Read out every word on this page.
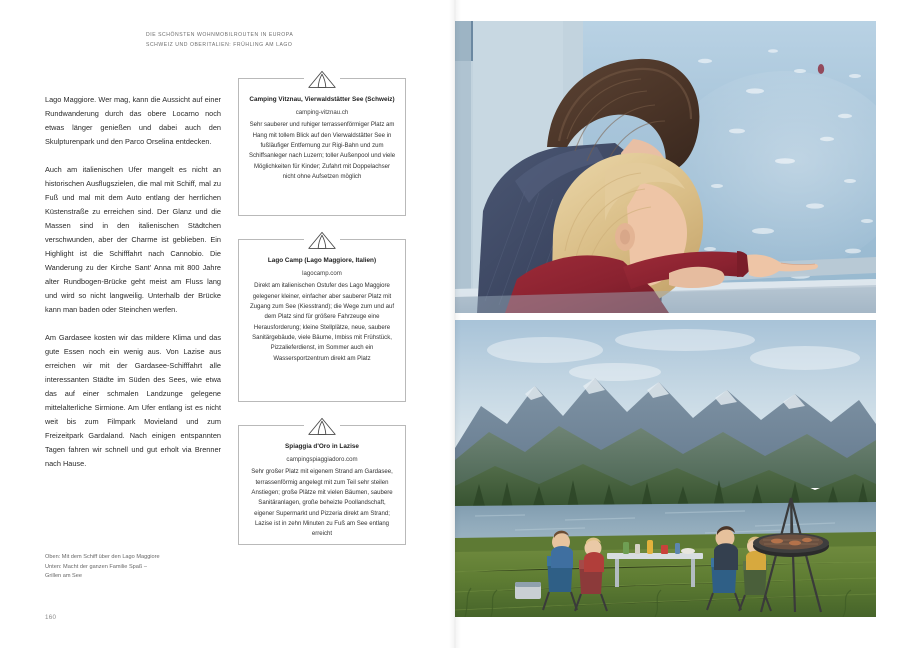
DIE SCHÖNSTEN WOHNMOBILROUTEN IN EUROPA
SCHWEIZ UND OBERITALIEN: FRÜHLING AM LAGO

Lago Maggiore. Wer mag, kann die Aussicht auf einer Rundwanderung durch das obere Locarno noch etwas länger genießen und dabei auch den Skulpturenpark und den Parco Orselina entdecken.

Auch am italienischen Ufer mangelt es nicht an historischen Ausflugszielen, die mal mit Schiff, mal zu Fuß und mal mit dem Auto entlang der herrlichen Küstenstraße zu erreichen sind. Der Glanz und die Massen sind in den italienischen Städtchen verschwunden, aber der Charme ist geblieben. Ein Highlight ist die Schifffahrt nach Cannobio. Die Wanderung zu der Kirche Sant' Anna mit 800 Jahre alter Rundbogen-Brücke geht meist am Fluss lang und wird so nicht langweilig. Unterhalb der Brücke kann man baden oder Steinchen werfen.

Am Gardasee kosten wir das mildere Klima und das gute Essen noch ein wenig aus. Von Lazise aus erreichen wir mit der Gardasee-Schifffahrt alle interessanten Städte im Süden des Sees, wie etwa das auf einer schmalen Landzunge gelegene mittelalterliche Sirmione. Am Ufer entlang ist es nicht weit bis zum Filmpark Movieland und zum Freizeitpark Gardaland. Nach einigen entspannten Tagen fahren wir schnell und gut erholt via Brenner nach Hause.

Oben: Mit dem Schiff über den Lago Maggiore
Unten: Macht der ganzen Familie Spaß –
Grillen am See
160
Camping Vitznau, Vierwaldstätter See (Schweiz)
camping-vitznau.ch
Sehr sauberer und ruhiger terrassenförmiger Platz am Hang mit tollem Blick auf den Vierwaldstätter See in fußläufiger Entfernung zur Rigi-Bahn und zum Schiffsanleger nach Luzern; toller Außenpool und viele Möglichkeiten für Kinder; Zufahrt mit Doppelachser nicht ohne Aufsetzen möglich
Lago Camp (Lago Maggiore, Italien)
lagocamp.com
Direkt am italienischen Ostufer des Lago Maggiore gelegener kleiner, einfacher aber sauberer Platz mit Zugang zum See (Kiesstrand); die Wege zum und auf dem Platz sind für größere Fahrzeuge eine Herausforderung; kleine Stellplätze, neue, saubere Sanitärgebäude, viele Bäume, Imbiss mit Frühstück, Pizzalieferdienst, im Sommer auch ein Wassersportzentrum direkt am Platz
Spiaggia d'Oro in Lazise
campingspiaggiadoro.com
Sehr großer Platz mit eigenem Strand am Gardasee, terrassenförmig angelegt mit zum Teil sehr steilen Anstiegen; große Plätze mit vielen Bäumen, saubere Sanitäranlagen, große beheizte Poollandschaft, eigener Supermarkt und Pizzeria direkt am Strand; Lazise ist in zehn Minuten zu Fuß am See entlang erreicht
